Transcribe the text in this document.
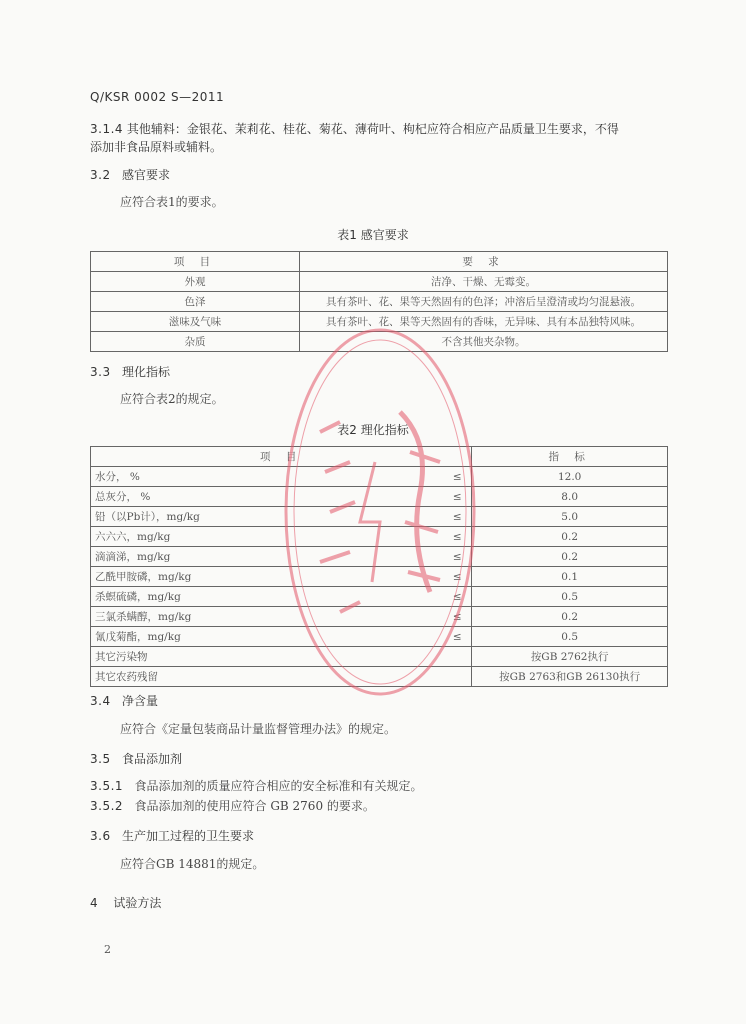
Q/KSR 0002 S—2011
3.1.4 其他辅料：金银花、茉莉花、桂花、菊花、薄荷叶、枸杞应符合相应产品质量卫生要求，不得
添加非食品原料或辅料。
3.2 感官要求
应符合表1的要求。
表1 感官要求
项 目	要 求
外观	洁净、干燥、无霉变。
色泽	具有茶叶、花、果等天然固有的色泽；冲溶后呈澄清或均匀混悬液。
滋味及气味	具有茶叶、花、果等天然固有的香味，无异味、具有本品独特风味。
杂质	不含其他夹杂物。
3.3 理化指标
应符合表2的规定。
表2 理化指标
项 目		指 标
水分， %	≤	12.0
总灰分， %	≤	8.0
铅（以Pb计），mg/kg	≤	5.0
六六六，mg/kg	≤	0.2
滴滴涕，mg/kg	≤	0.2
乙酰甲胺磷，mg/kg	≤	0.1
杀螟硫磷，mg/kg	≤	0.5
三氯杀螨醇，mg/kg	≤	0.2
氰戊菊酯，mg/kg	≤	0.5
其它污染物		按GB 2762执行
其它农药残留		按GB 2763和GB 26130执行
3.4 净含量
应符合《定量包装商品计量监督管理办法》的规定。
3.5 食品添加剂
3.5.1 食品添加剂的质量应符合相应的安全标准和有关规定。
3.5.2 食品添加剂的使用应符合 GB 2760 的要求。
3.6 生产加工过程的卫生要求
应符合GB 14881的规定。
4 试验方法
2
